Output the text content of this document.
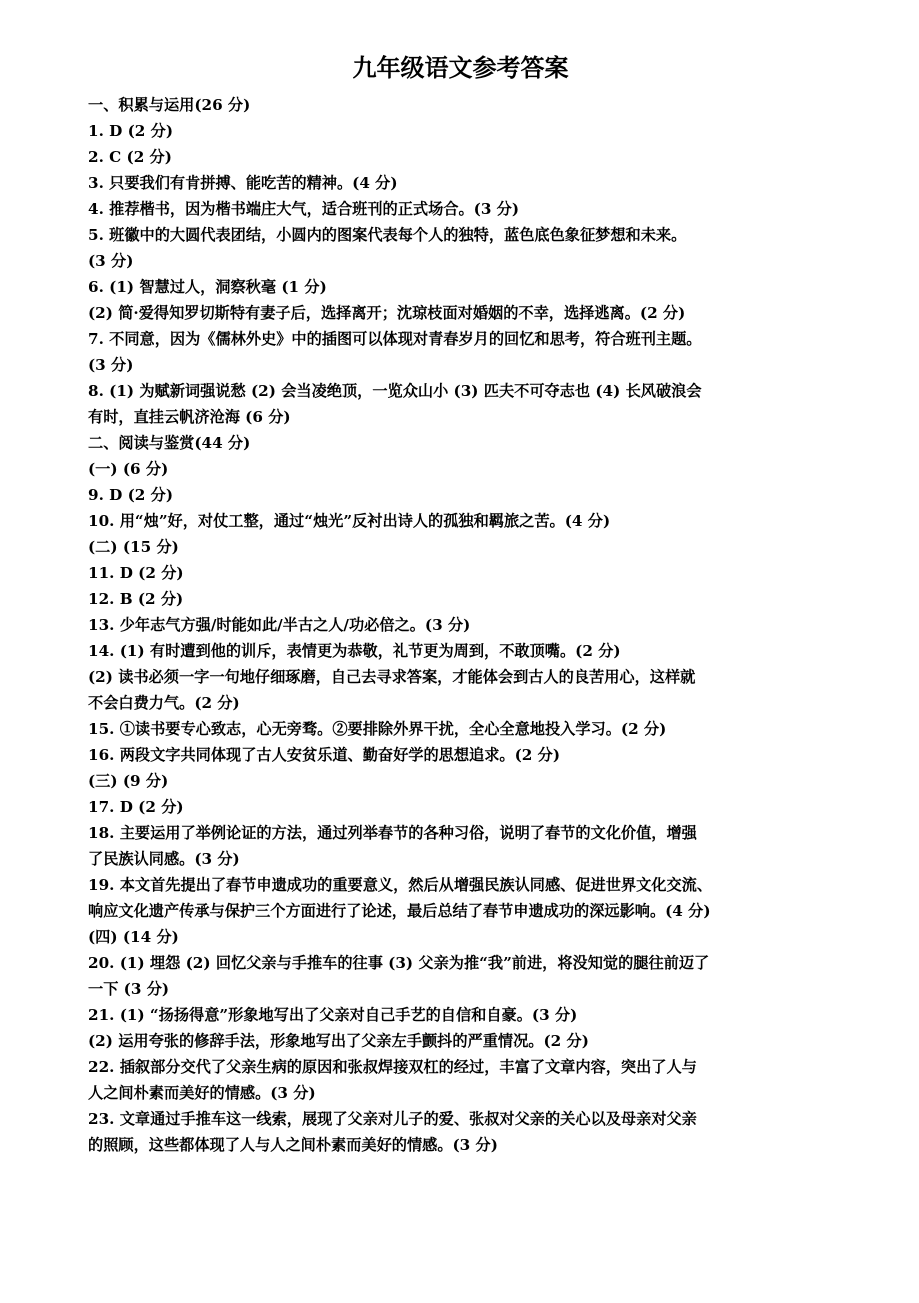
九年级语文参考答案
一、积累与运用(26 分)
1. D (2 分)
2. C (2 分)
3. 只要我们有肯拼搏、能吃苦的精神。(4 分)
4. 推荐楷书，因为楷书端庄大气，适合班刊的正式场合。(3 分)
5. 班徽中的大圆代表团结，小圆内的图案代表每个人的独特，蓝色底色象征梦想和未来。
(3 分)
6. (1) 智慧过人，洞察秋毫 (1 分)
(2) 简·爱得知罗切斯特有妻子后，选择离开；沈琼枝面对婚姻的不幸，选择逃离。(2 分)
7. 不同意，因为《儒林外史》中的插图可以体现对青春岁月的回忆和思考，符合班刊主题。
(3 分)
8. (1) 为赋新词强说愁 (2) 会当凌绝顶，一览众山小 (3) 匹夫不可夺志也 (4) 长风破浪会
有时，直挂云帆济沧海 (6 分)
二、阅读与鉴赏(44 分)
(一) (6 分)
9. D (2 分)
10. 用“烛”好，对仗工整，通过“烛光”反衬出诗人的孤独和羁旅之苦。(4 分)
(二) (15 分)
11. D (2 分)
12. B (2 分)
13. 少年志气方强/时能如此/半古之人/功必倍之。(3 分)
14. (1) 有时遭到他的训斥，表情更为恭敬，礼节更为周到，不敢顶嘴。(2 分)
(2) 读书必须一字一句地仔细琢磨，自己去寻求答案，才能体会到古人的良苦用心，这样就
不会白费力气。(2 分)
15. ①读书要专心致志，心无旁骛。②要排除外界干扰，全心全意地投入学习。(2 分)
16. 两段文字共同体现了古人安贫乐道、勤奋好学的思想追求。(2 分)
(三) (9 分)
17. D (2 分)
18. 主要运用了举例论证的方法，通过列举春节的各种习俗，说明了春节的文化价值，增强
了民族认同感。(3 分)
19. 本文首先提出了春节申遗成功的重要意义，然后从增强民族认同感、促进世界文化交流、
响应文化遗产传承与保护三个方面进行了论述，最后总结了春节申遗成功的深远影响。(4 分)
(四) (14 分)
20. (1) 埋怨 (2) 回忆父亲与手推车的往事 (3) 父亲为推“我”前进，将没知觉的腿往前迈了
一下 (3 分)
21. (1) “扬扬得意”形象地写出了父亲对自己手艺的自信和自豪。(3 分)
(2) 运用夸张的修辞手法，形象地写出了父亲左手颤抖的严重情况。(2 分)
22. 插叙部分交代了父亲生病的原因和张叔焊接双杠的经过，丰富了文章内容，突出了人与
人之间朴素而美好的情感。(3 分)
23. 文章通过手推车这一线索，展现了父亲对儿子的爱、张叔对父亲的关心以及母亲对父亲
的照顾，这些都体现了人与人之间朴素而美好的情感。(3 分)
